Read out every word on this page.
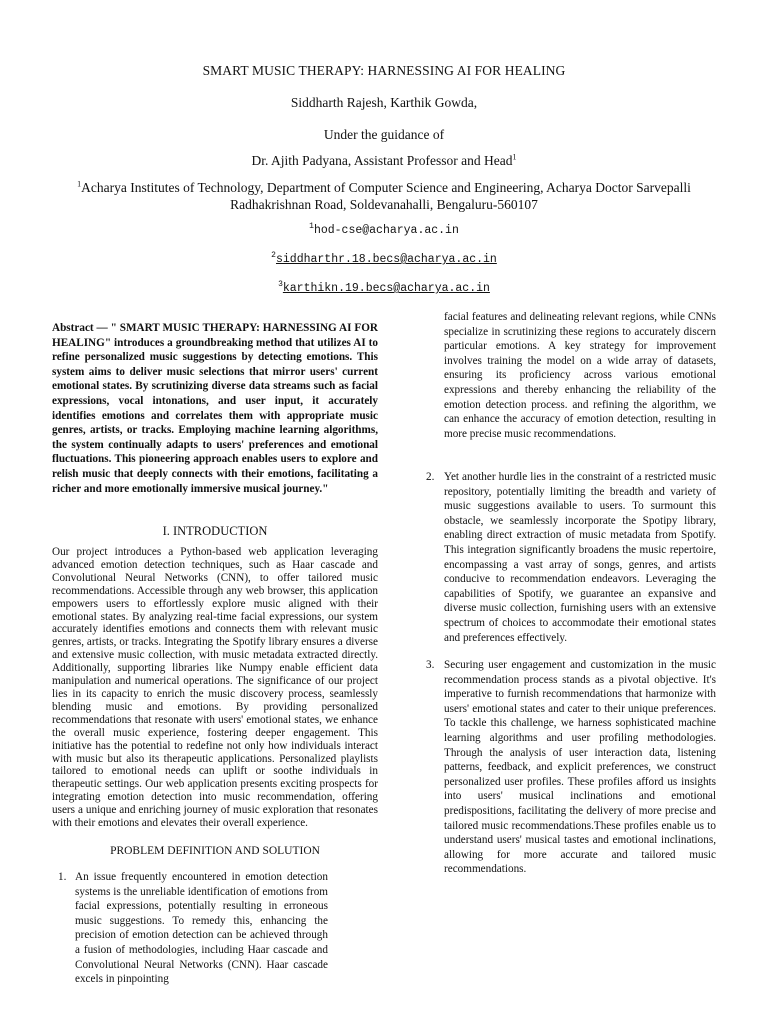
SMART MUSIC THERAPY: HARNESSING AI FOR HEALING
Siddharth Rajesh, Karthik Gowda,
Under the guidance of
Dr. Ajith Padyana, Assistant Professor and Head$^1$
$^1$Acharya Institutes of Technology, Department of Computer Science and Engineering, Acharya Doctor Sarvepalli Radhakrishnan Road, Soldevanahalli, Bengaluru-560107
$^1$hod-cse@acharya.ac.in
$^2$siddharthr.18.becs@acharya.ac.in
$^3$karthikn.19.becs@acharya.ac.in
Abstract — " SMART MUSIC THERAPY: HARNESSING AI FOR HEALING" introduces a groundbreaking method that utilizes AI to refine personalized music suggestions by detecting emotions. This system aims to deliver music selections that mirror users' current emotional states. By scrutinizing diverse data streams such as facial expressions, vocal intonations, and user input, it accurately identifies emotions and correlates them with appropriate music genres, artists, or tracks. Employing machine learning algorithms, the system continually adapts to users' preferences and emotional fluctuations. This pioneering approach enables users to explore and relish music that deeply connects with their emotions, facilitating a richer and more emotionally immersive musical journey."
I. INTRODUCTION
Our project introduces a Python-based web application leveraging advanced emotion detection techniques, such as Haar cascade and Convolutional Neural Networks (CNN), to offer tailored music recommendations. Accessible through any web browser, this application empowers users to effortlessly explore music aligned with their emotional states. By analyzing real-time facial expressions, our system accurately identifies emotions and connects them with relevant music genres, artists, or tracks. Integrating the Spotify library ensures a diverse and extensive music collection, with music metadata extracted directly. Additionally, supporting libraries like Numpy enable efficient data manipulation and numerical operations. The significance of our project lies in its capacity to enrich the music discovery process, seamlessly blending music and emotions. By providing personalized recommendations that resonate with users' emotional states, we enhance the overall music experience, fostering deeper engagement. This initiative has the potential to redefine not only how individuals interact with music but also its therapeutic applications. Personalized playlists tailored to emotional needs can uplift or soothe individuals in therapeutic settings. Our web application presents exciting prospects for integrating emotion detection into music recommendation, offering users a unique and enriching journey of music exploration that resonates with their emotions and elevates their overall experience.
PROBLEM DEFINITION AND SOLUTION
1. An issue frequently encountered in emotion detection systems is the unreliable identification of emotions from facial expressions, potentially resulting in erroneous music suggestions. To remedy this, enhancing the precision of emotion detection can be achieved through a fusion of methodologies, including Haar cascade and Convolutional Neural Networks (CNN). Haar cascade excels in pinpointing
facial features and delineating relevant regions, while CNNs specialize in scrutinizing these regions to accurately discern particular emotions. A key strategy for improvement involves training the model on a wide array of datasets, ensuring its proficiency across various emotional expressions and thereby enhancing the reliability of the emotion detection process. and refining the algorithm, we can enhance the accuracy of emotion detection, resulting in more precise music recommendations.
2. Yet another hurdle lies in the constraint of a restricted music repository, potentially limiting the breadth and variety of music suggestions available to users. To surmount this obstacle, we seamlessly incorporate the Spotipy library, enabling direct extraction of music metadata from Spotify. This integration significantly broadens the music repertoire, encompassing a vast array of songs, genres, and artists conducive to recommendation endeavors. Leveraging the capabilities of Spotify, we guarantee an expansive and diverse music collection, furnishing users with an extensive spectrum of choices to accommodate their emotional states and preferences effectively.
3. Securing user engagement and customization in the music recommendation process stands as a pivotal objective. It's imperative to furnish recommendations that harmonize with users' emotional states and cater to their unique preferences. To tackle this challenge, we harness sophisticated machine learning algorithms and user profiling methodologies. Through the analysis of user interaction data, listening patterns, feedback, and explicit preferences, we construct personalized user profiles. These profiles afford us insights into users' musical inclinations and emotional predispositions, facilitating the delivery of more precise and tailored music recommendations.These profiles enable us to understand users' musical tastes and emotional inclinations, allowing for more accurate and tailored music recommendations.
